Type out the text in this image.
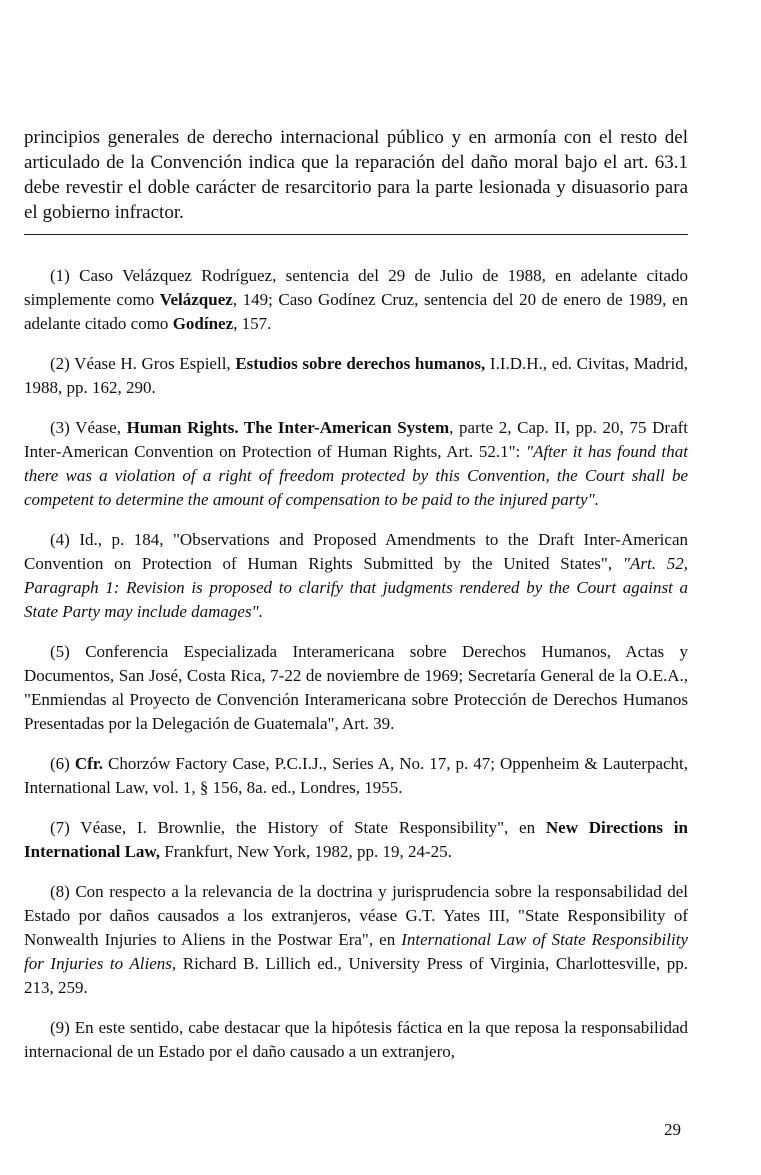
principios generales de derecho internacional público y en armonía con el resto del articulado de la Convención indica que la reparación del daño moral bajo el art. 63.1 debe revestir el doble carácter de resarcitorio para la parte lesionada y disuasorio para el gobierno infractor.

(1) Caso Velázquez Rodríguez, sentencia del 29 de Julio de 1988, en adelante citado simplemente como Velázquez, 149; Caso Godínez Cruz, sentencia del 20 de enero de 1989, en adelante citado como Godínez, 157.

(2) Véase H. Gros Espiell, Estudios sobre derechos humanos, I.I.D.H., ed. Civitas, Madrid, 1988, pp. 162, 290.

(3) Véase, Human Rights. The Inter-American System, parte 2, Cap. II, pp. 20, 75 Draft Inter-American Convention on Protection of Human Rights, Art. 52.1": "After it has found that there was a violation of a right of freedom protected by this Convention, the Court shall be competent to determine the amount of compensation to be paid to the injured party".

(4) Id., p. 184, "Observations and Proposed Amendments to the Draft Inter-American Convention on Protection of Human Rights Submitted by the United States", "Art. 52, Paragraph 1: Revision is proposed to clarify that judgments rendered by the Court against a State Party may include damages".

(5) Conferencia Especializada Interamericana sobre Derechos Humanos, Actas y Documentos, San José, Costa Rica, 7-22 de noviembre de 1969; Secretaría General de la O.E.A., "Enmiendas al Proyecto de Convención Interamericana sobre Protección de Derechos Humanos Presentadas por la Delegación de Guatemala", Art. 39.

(6) Cfr. Chorzów Factory Case, P.C.I.J., Series A, No. 17, p. 47; Oppenheim & Lauterpacht, International Law, vol. 1, § 156, 8a. ed., Londres, 1955.

(7) Véase, I. Brownlie, the History of State Responsibility", en New Directions in International Law, Frankfurt, New York, 1982, pp. 19, 24-25.

(8) Con respecto a la relevancia de la doctrina y jurisprudencia sobre la responsabilidad del Estado por daños causados a los extranjeros, véase G.T. Yates III, "State Responsibility of Nonwealth Injuries to Aliens in the Postwar Era", en International Law of State Responsibility for Injuries to Aliens, Richard B. Lillich ed., University Press of Virginia, Charlottesville, pp. 213, 259.

(9) En este sentido, cabe destacar que la hipótesis fáctica en la que reposa la responsabilidad internacional de un Estado por el daño causado a un extranjero,

29
